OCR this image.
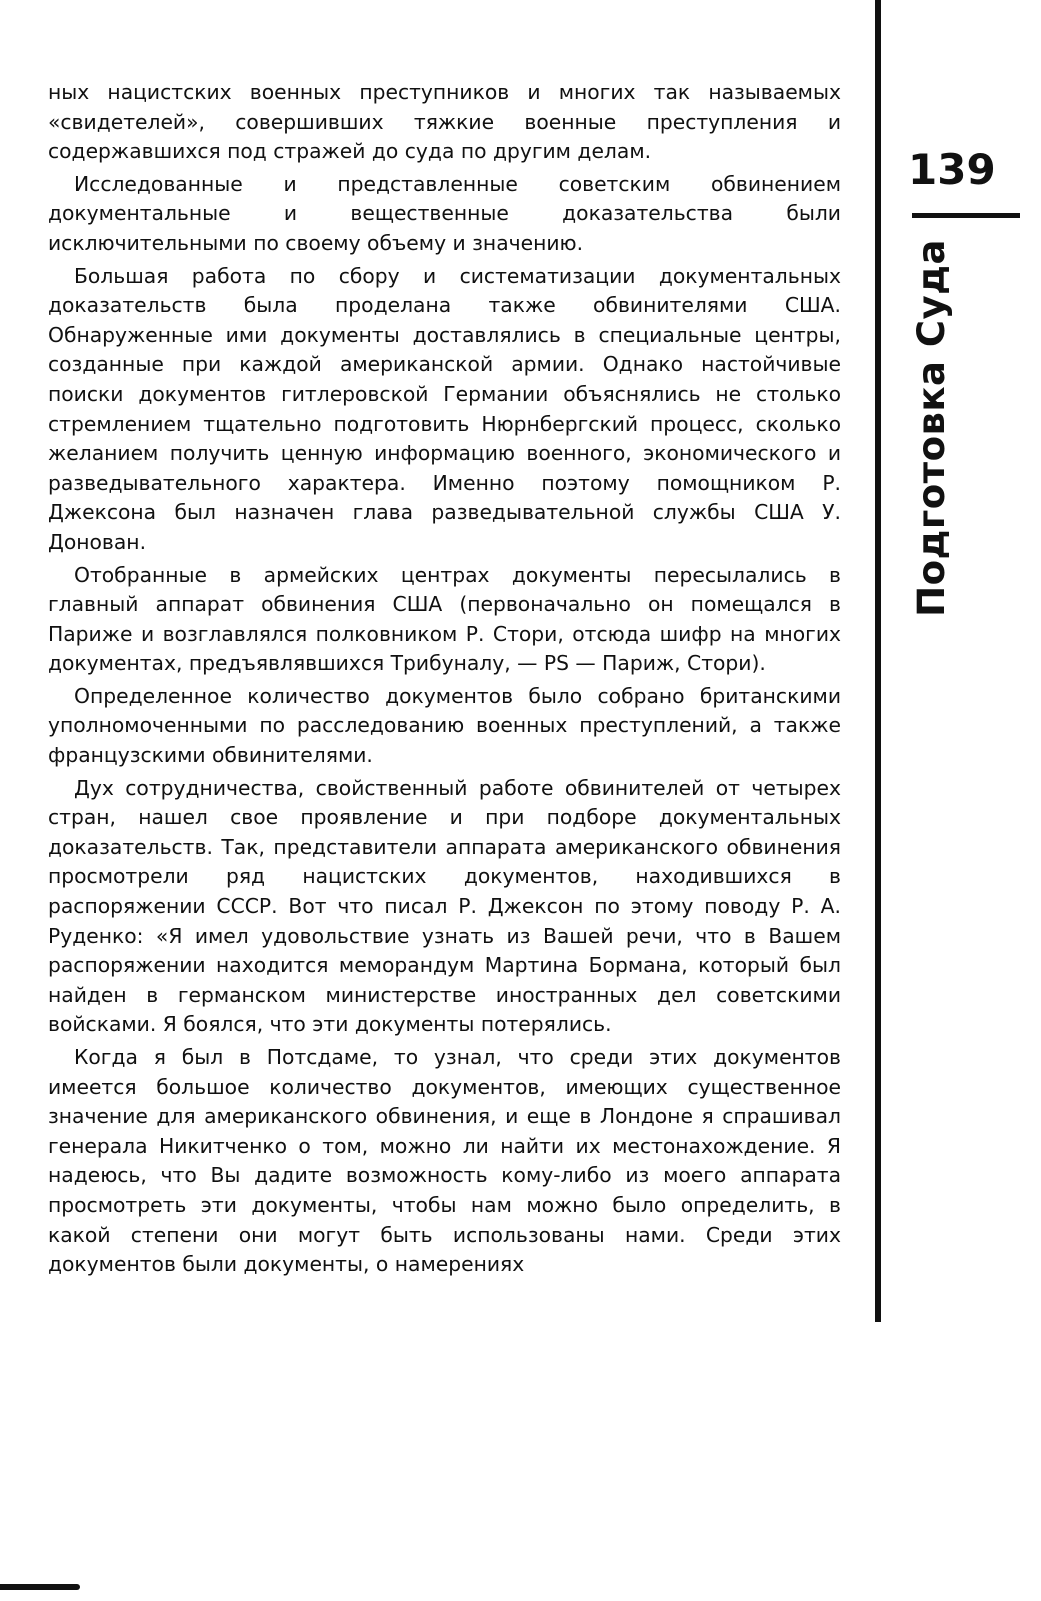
139

Подготовка Суда

ных нацистских военных преступников и многих так называемых «свидетелей», совершивших тяжкие военные преступления и содержавшихся под стражей до суда по другим делам.

Исследованные и представленные советским обвинением документальные и вещественные доказательства были исключительными по своему объему и значению.

Большая работа по сбору и систематизации документальных доказательств была проделана также обвинителями США. Обнаруженные ими документы доставлялись в специальные центры, созданные при каждой американской армии. Однако настойчивые поиски документов гитлеровской Германии объяснялись не столько стремлением тщательно подготовить Нюрнбергский процесс, сколько желанием получить ценную информацию военного, экономического и разведывательного характера. Именно поэтому помощником Р. Джексона был назначен глава разведывательной службы США У. Донован.

Отобранные в армейских центрах документы пересылались в главный аппарат обвинения США (первоначально он помещался в Париже и возглавлялся полковником Р. Стори, отсюда шифр на многих документах, предъявлявшихся Трибуналу, — PS — Париж, Стори).

Определенное количество документов было собрано британскими уполномоченными по расследованию военных преступлений, а также французскими обвинителями.

Дух сотрудничества, свойственный работе обвинителей от четырех стран, нашел свое проявление и при подборе документальных доказательств. Так, представители аппарата американского обвинения просмотрели ряд нацистских документов, находившихся в распоряжении СССР. Вот что писал Р. Джексон по этому поводу Р. А. Руденко: «Я имел удовольствие узнать из Вашей речи, что в Вашем распоряжении находится меморандум Мартина Бормана, который был найден в германском министерстве иностранных дел советскими войсками. Я боялся, что эти документы потерялись.

Когда я был в Потсдаме, то узнал, что среди этих документов имеется большое количество документов, имеющих существенное значение для американского обвинения, и еще в Лондоне я спрашивал генерала Никитченко о том, можно ли найти их местонахождение. Я надеюсь, что Вы дадите возможность кому-либо из моего аппарата просмотреть эти документы, чтобы нам можно было определить, в какой степени они могут быть использованы нами. Среди этих документов были документы, о намерениях
